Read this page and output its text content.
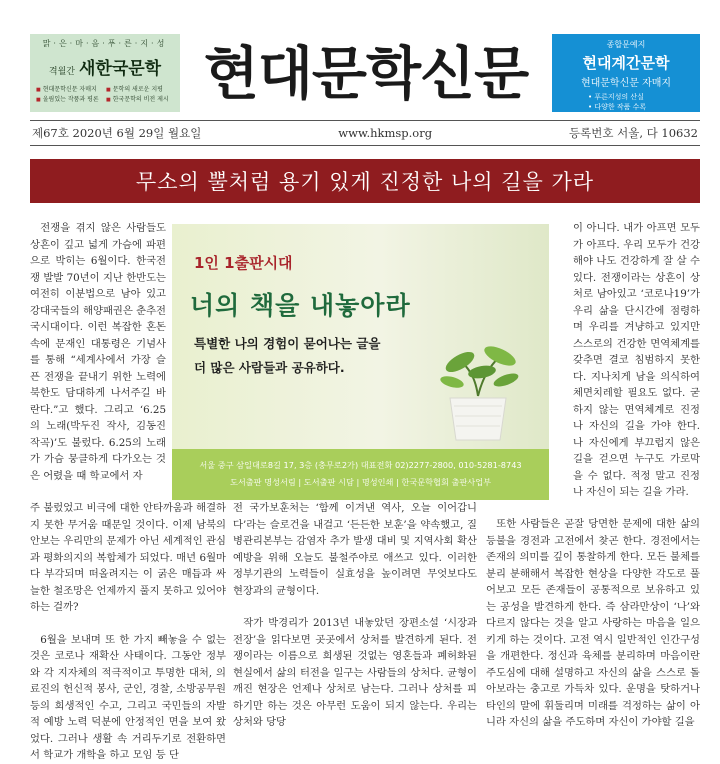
맑·은·마·음·푸·른·지·성
격월간 새한국문학
■ 현대문학신문 자매지	■ 문학의 새로운 지평
■ 울림있는 작품과 평론	■ 한국문학의 비전 제시 현대문학신문	종합문예지
현대계간문학
현대문학신문 자매지
• 푸른지성의 산실
• 다양한 작품 수록
제67호 2020년 6월 29일 월요일	www.hkmsp.org	등록번호 서울, 다 10632
무소의 뿔처럼 용기 있게 진정한 나의 길을 가라

전쟁을 겪지 않은 사람들도 상흔이 깊고 넓게 가슴에 파편으로 박히는 6월이다. 한국전쟁 발발 70년이 지난 한반도는 여전히 이분법으로 남아 있고 강대국들의 해양패권은 춘추전국시대이다. 이런 복잡한 혼돈 속에 문재인 대통령은 기념사를 통해 “세계사에서 가장 슬픈 전쟁을 끝내기 위한 노력에 북한도 담대하게 나서주길 바란다.”고 했다. 그리고 ‘6.25의 노래(박두진 작사, 김동진 작곡)’도 불렀다. 6.25의 노래가 가슴 뭉클하게 다가오는 것은 어렸을 때 학교에서 자

주 불렀었고 비극에 대한 안타까움과 해결하지 못한 무거움 때문일 것이다. 이제 남북의 안보는 우리만의 문제가 아닌 세계적인 관심과 평화의지의 복합체가 되었다. 매년 6월마다 부각되며 떠올려지는 이 굵은 매듭과 싸늘한 철조망은 언제까지 풀지 못하고 있어야 하는 걸까?

6월을 보내며 또 한 가지 빼놓을 수 없는 것은 코로나 재확산 사태이다. 그동안 정부와 각 지자체의 적극적이고 투명한 대처, 의료진의 헌신적 봉사, 군인, 경찰, 소방공무원 등의 희생적인 수고, 그리고 국민들의 자발적 예방 노력 덕분에 안정적인 면을 보여 왔었다. 그러나 생활 속 거리두기로 전환하면서 학교가 개학을 하고 모임 등 단

전 국가보훈처는 ‘함께 이겨낸 역사, 오늘 이어갑니다’라는 슬로건을 내걸고 ‘든든한 보훈’을 약속했고, 질병관리본부는 감염자 추가 발생 대비 및 지역사회 확산 예방을 위해 오늘도 불철주야로 애쓰고 있다. 이러한 정부기관의 노력들이 실효성을 높이려면 무엇보다도 현장과의 균형이다.

작가 박경리가 2013년 내놓았던 장편소설 ‘시장과 전장’을 읽다보면 곳곳에서 상처를 발견하게 된다. 전쟁이라는 이름으로 희생된 것없는 영혼들과 폐허화된 현실에서 삶의 터전을 일구는 사람들의 상처다. 균형이 깨진 현장은 언제나 상처로 남는다. 그러나 상처를 피하기만 하는 것은 아무런 도움이 되지 않는다. 우리는 상처와 당당

이 아니다. 내가 아프면 모두가 아프다. 우리 모두가 건강해야 나도 건강하게 잘 살 수 있다. 전쟁이라는 상흔이 상처로 남아있고 ‘코로나19’가 우리 삶을 단시간에 점령하며 우리를 겨냥하고 있지만 스스로의 건강한 면역체계를 갖추면 결코 침범하지 못한다. 지나치게 남을 의식하여 체면치레할 필요도 없다. 굳하지 않는 면역체계로 진정 나 자신의 길을 가야 한다. 나 자신에게 부끄럽지 않은 길을 걷으면 누구도 가로막을 수 없다. 적정 말고 진정 나 자신이 되는 길을 가라.

또한 사람들은 곧잘 당면한 문제에 대한 삶의 등불을 경전과 고전에서 찾곤 한다. 경전에서는 존재의 의미를 깊이 통찰하게 한다. 모든 불체를 분리 분해해서 복잡한 현상을 다양한 각도로 풀어보고 모든 존재들이 공통적으로 보유하고 있는 공성을 발견하게 한다. 즉 삼라만상이 ‘나’와 다르지 않다는 것을 알고 사랑하는 마음을 일으키게 하는 것이다. 고전 역시 일반적인 인간구성을 개편한다. 정신과 육체를 분리하며 마음이란 주도심에 대해 설명하고 자신의 삶을 스스로 돌아보라는 충고로 가득차 있다. 운명을 탓하거나 타인의 말에 휘둘리며 미래를 걱정하는 삶이 아니라 자신의 삶을 주도하며 자신이 가야할 길을

1인 1출판시대
너의 책을 내놓아라
특별한 나의 경험이 묻어나는 글을
더 많은 사람들과 공유하다.
서울 중구 삼일대로8길 17, 3층 (충무로2가) 대표전화 02)2277-2800, 010-5281-8743
도서출판 명성서림 | 도서출판 시담 | 명성인쇄 | 한국문학협회 출판사업부
